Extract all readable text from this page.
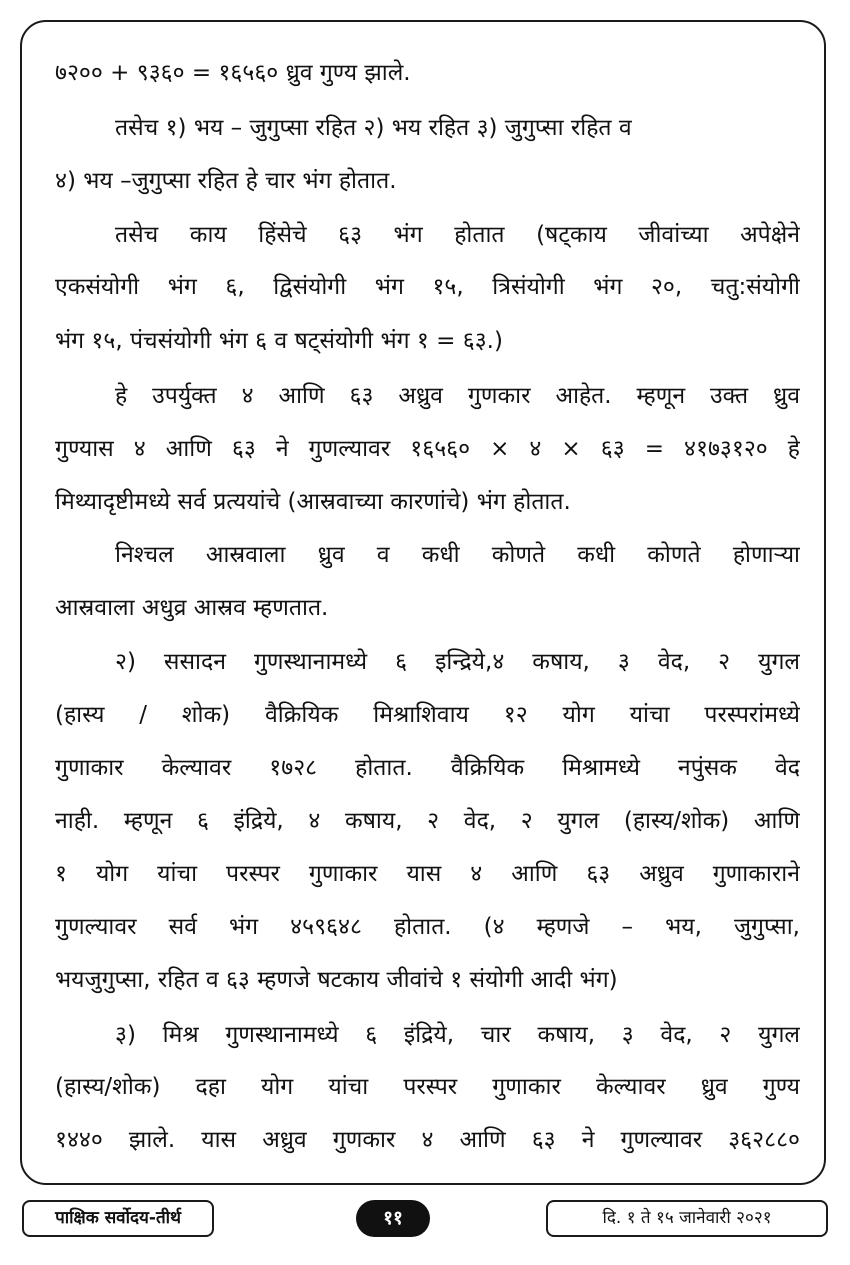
७२०० + ९३६० = १६५६० ध्रुव गुण्य झाले.
तसेच १) भय – जुगुप्सा रहित २) भय रहित ३) जुगुप्सा रहित व
४) भय –जुगुप्सा रहित हे चार भंग होतात.
तसेच काय हिंसेचे ६३ भंग होतात (षट्काय जीवांच्या अपेक्षेने
एकसंयोगी भंग ६, द्विसंयोगी भंग १५, त्रिसंयोगी भंग २०, चतु:संयोगी
भंग १५, पंचसंयोगी भंग ६ व षट्संयोगी भंग १ = ६३.)
हे उपर्युक्त ४ आणि ६३ अध्रुव गुणकार आहेत. म्हणून उक्त ध्रुव
गुण्यास ४ आणि ६३ ने गुणल्यावर १६५६० × ४ × ६३ = ४१७३१२० हे
मिथ्यादृष्टीमध्ये सर्व प्रत्ययांचे (आस्रवाच्या कारणांचे) भंग होतात.
निश्चल आस्रवाला ध्रुव व कधी कोणते कधी कोणते होणाऱ्या
आस्रवाला अधुव्र आस्रव म्हणतात.
२) ससादन गुणस्थानामध्ये ६ इन्द्रिये,४ कषाय, ३ वेद, २ युगल
(हास्य / शोक) वैक्रियिक मिश्राशिवाय १२ योग यांचा परस्परांमध्ये
गुणाकार केल्यावर १७२८ होतात. वैक्रियिक मिश्रामध्ये नपुंसक वेद
नाही. म्हणून ६ इंद्रिये, ४ कषाय, २ वेद, २ युगल (हास्य/शोक) आणि
१ योग यांचा परस्पर गुणाकार यास ४ आणि ६३ अध्रुव गुणाकाराने
गुणल्यावर सर्व भंग ४५९६४८ होतात. (४ म्हणजे – भय, जुगुप्सा,
भयजुगुप्सा, रहित व ६३ म्हणजे षटकाय जीवांचे १ संयोगी आदी भंग)
३) मिश्र गुणस्थानामध्ये ६ इंद्रिये, चार कषाय, ३ वेद, २ युगल
(हास्य/शोक) दहा योग यांचा परस्पर गुणाकार केल्यावर ध्रुव गुण्य
१४४० झाले. यास अध्रुव गुणकार ४ आणि ६३ ने गुणल्यावर ३६२८८०
पाक्षिक सर्वोदय-तीर्थ	११	दि. १ ते १५ जानेवारी २०२१
